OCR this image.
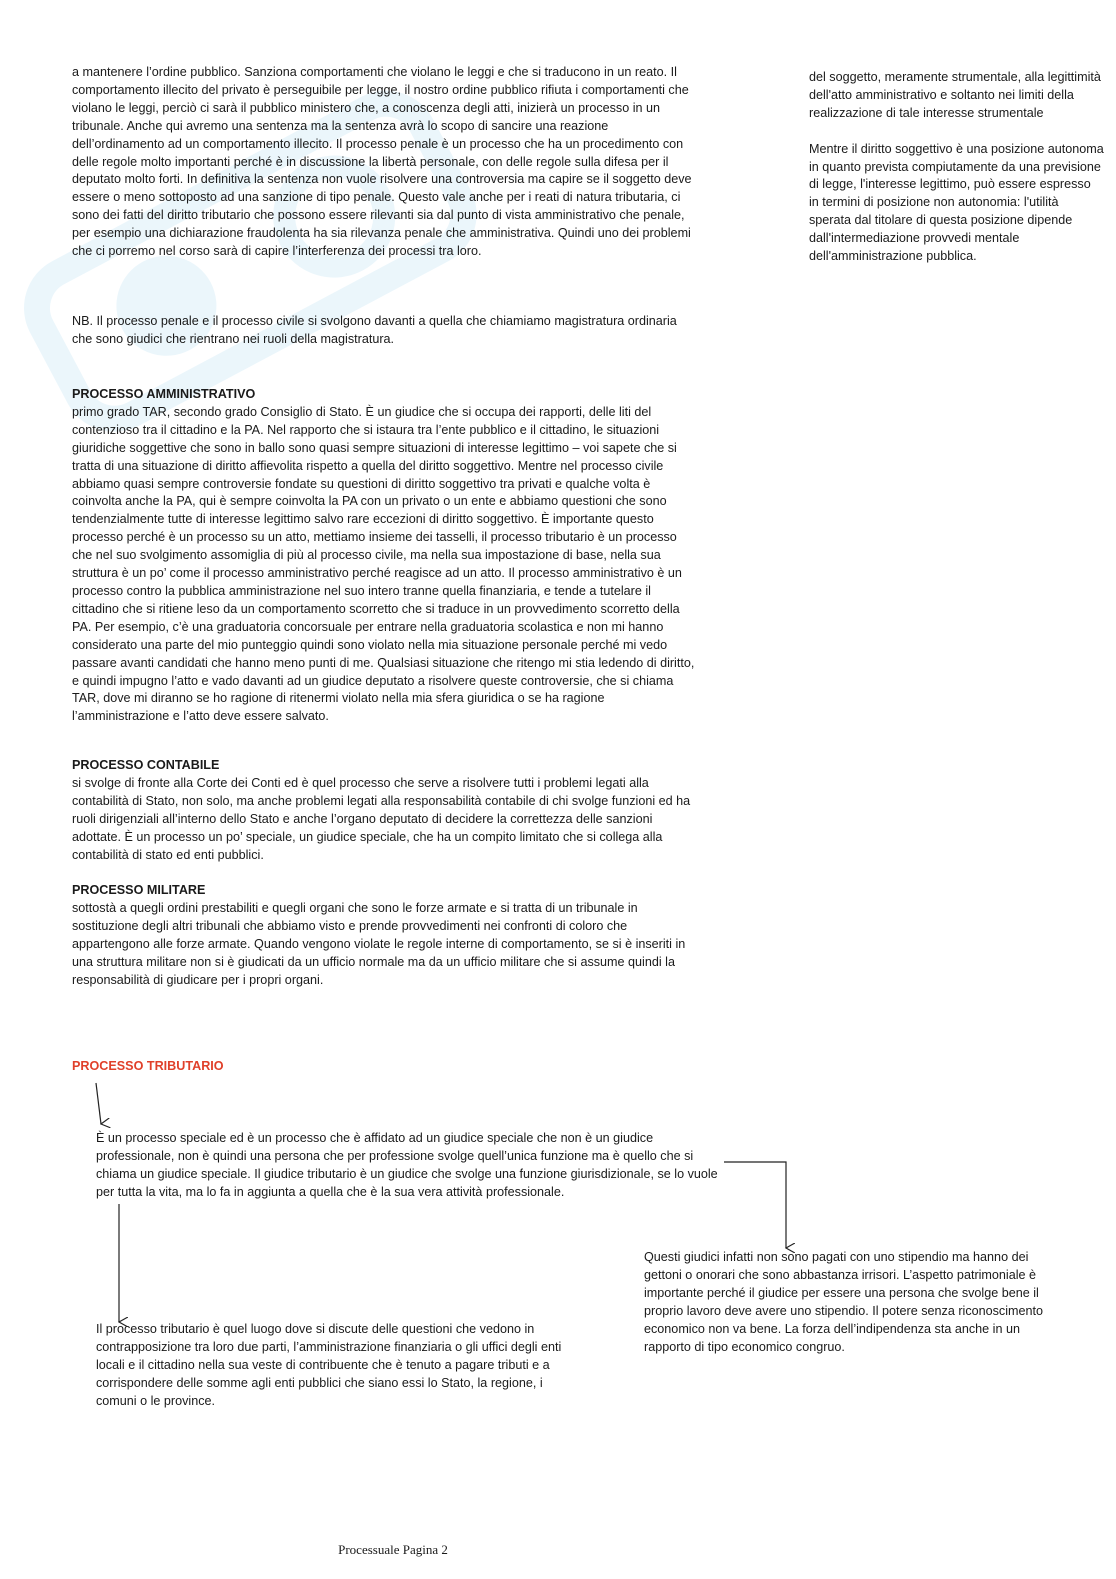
a mantenere l’ordine pubblico. Sanziona comportamenti che violano le leggi e che si traducono in un reato. Il comportamento illecito del privato è perseguibile per legge, il nostro ordine pubblico rifiuta i comportamenti che violano le leggi, perciò ci sarà il pubblico ministero che, a conoscenza degli atti, inizierà un processo in un tribunale. Anche qui avremo una sentenza ma la sentenza avrà lo scopo di sancire una reazione dell’ordinamento ad un comportamento illecito. Il processo penale è un processo che ha un procedimento con delle regole molto importanti perché è in discussione la libertà personale, con delle regole sulla difesa per il deputato molto forti. In definitiva la sentenza non vuole risolvere una controversia ma capire se il soggetto deve essere o meno sottoposto ad una sanzione di tipo penale. Questo vale anche per i reati di natura tributaria, ci sono dei fatti del diritto tributario che possono essere rilevanti sia dal punto di vista amministrativo che penale, per esempio una dichiarazione fraudolenta ha sia rilevanza penale che amministrativa. Quindi uno dei problemi che ci porremo nel corso sarà di capire l’interferenza dei processi tra loro.

NB. Il processo penale e il processo civile si svolgono davanti a quella che chiamiamo magistratura ordinaria che sono giudici che rientrano nei ruoli della magistratura.

PROCESSO AMMINISTRATIVO

primo grado TAR, secondo grado Consiglio di Stato. È un giudice che si occupa dei rapporti, delle liti del contenzioso tra il cittadino e la PA. Nel rapporto che si istaura tra l’ente pubblico e il cittadino, le situazioni giuridiche soggettive che sono in ballo sono quasi sempre situazioni di interesse legittimo – voi sapete che si tratta di una situazione di diritto affievolita rispetto a quella del diritto soggettivo. Mentre nel processo civile abbiamo quasi sempre controversie fondate su questioni di diritto soggettivo tra privati e qualche volta è coinvolta anche la PA, qui è sempre coinvolta la PA con un privato o un ente e abbiamo questioni che sono tendenzialmente tutte di interesse legittimo salvo rare eccezioni di diritto soggettivo. È importante questo processo perché è un processo su un atto, mettiamo insieme dei tasselli, il processo tributario è un processo che nel suo svolgimento assomiglia di più al processo civile, ma nella sua impostazione di base, nella sua struttura è un po’ come il processo amministrativo perché reagisce ad un atto. Il processo amministrativo è un processo contro la pubblica amministrazione nel suo intero tranne quella finanziaria, e tende a tutelare il cittadino che si ritiene leso da un comportamento scorretto che si traduce in un provvedimento scorretto della PA. Per esempio, c’è una graduatoria concorsuale per entrare nella graduatoria scolastica e non mi hanno considerato una parte del mio punteggio quindi sono violato nella mia situazione personale perché mi vedo passare avanti candidati che hanno meno punti di me. Qualsiasi situazione che ritengo mi stia ledendo di diritto, e quindi impugno l’atto e vado davanti ad un giudice deputato a risolvere queste controversie, che si chiama TAR, dove mi diranno se ho ragione di ritenermi violato nella mia sfera giuridica o se ha ragione l’amministrazione e l’atto deve essere salvato.

PROCESSO CONTABILE

si svolge di fronte alla Corte dei Conti ed è quel processo che serve a risolvere tutti i problemi legati alla contabilità di Stato, non solo, ma anche problemi legati alla responsabilità contabile di chi svolge funzioni ed ha ruoli dirigenziali all’interno dello Stato e anche l’organo deputato di decidere la correttezza delle sanzioni adottate. È un processo un po’ speciale, un giudice speciale, che ha un compito limitato che si collega alla contabilità di stato ed enti pubblici.

PROCESSO MILITARE

sottostà a quegli ordini prestabiliti e quegli organi che sono le forze armate e si tratta di un tribunale in sostituzione degli altri tribunali che abbiamo visto e prende provvedimenti nei confronti di coloro che appartengono alle forze armate. Quando vengono violate le regole interne di comportamento, se si è inseriti in una struttura militare non si è giudicati da un ufficio normale ma da un ufficio militare che si assume quindi la responsabilità di giudicare per i propri organi.

PROCESSO TRIBUTARIO

È un processo speciale ed è un processo che è affidato ad un giudice speciale che non è un giudice professionale, non è quindi una persona che per professione svolge quell’unica funzione ma è quello che si chiama un giudice speciale. Il giudice tributario è un giudice che svolge una funzione giurisdizionale, se lo vuole per tutta la vita, ma lo fa in aggiunta a quella che è la sua vera attività professionale.

Il processo tributario è quel luogo dove si discute delle questioni che vedono in contrapposizione tra loro due parti, l’amministrazione finanziaria o gli uffici degli enti locali e il cittadino nella sua veste di contribuente che è tenuto a pagare tributi e a corrispondere delle somme agli enti pubblici che siano essi lo Stato, la regione, i comuni o le province.

Questi giudici infatti non sono pagati con uno stipendio ma hanno dei gettoni o onorari che sono abbastanza irrisori. L’aspetto patrimoniale è importante perché il giudice per essere una persona che svolge bene il proprio lavoro deve avere uno stipendio. Il potere senza riconoscimento economico non va bene. La forza dell’indipendenza sta anche in un rapporto di tipo economico congruo.

del soggetto, meramente strumentale, alla legittimità dell'atto amministrativo e soltanto nei limiti della realizzazione di tale interesse strumentale

Mentre il diritto soggettivo è una posizione autonoma in quanto prevista compiutamente da una previsione di legge, l'interesse legittimo, può essere espresso in termini di posizione non autonomia: l'utilità sperata dal titolare di questa posizione dipende dall'intermediazione provvedi mentale dell'amministrazione pubblica.

Processuale Pagina 2
